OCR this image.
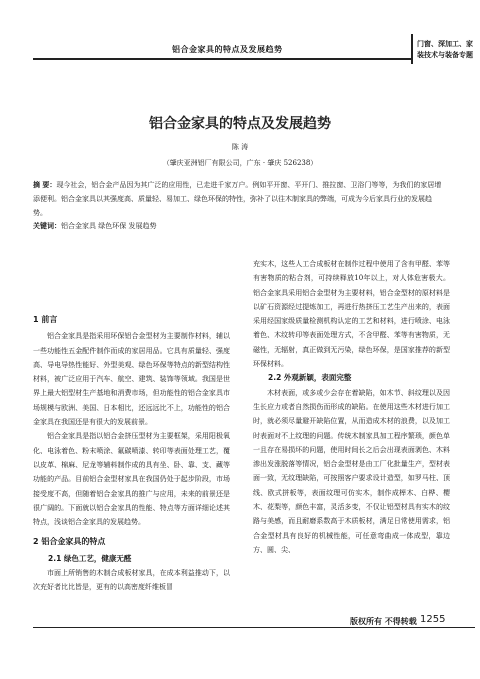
铝合金家具的特点及发展趋势
门窗、深加工、家
装技术与装备专题
铝合金家具的特点及发展趋势
陈 涛
（肇庆亚洲铝厂有限公司，广东 · 肇庆 526238）
摘 要：现今社会，铝合金产品因为其广泛的应用性，已走进千家万户。例如平开窗、平开门、推拉窗、卫浴门等等，为我们的家居增添便利。铝合金家具以其强度高、质量轻、易加工、绿色环保的特性，弥补了以往木制家具的弊端，可成为今后家具行业的发展趋势。
关键词：铝合金家具 绿色环保 发展趋势
1 前言

铝合金家具是指采用环保铝合金型材为主要制作材料，辅以一些功能性五金配件制作而成的家居用品。它具有质量轻、强度高、导电导热性能好、外型美观、绿色环保等特点的新型结构性材料，被广泛应用于汽车、航空、建筑、装饰等领域。我国是世界上最大铝型材生产基地和消费市场，但功能性的铝合金家具市场规模与欧洲、美国、日本相比，还远远比不上，功能性的铝合金家具在我国还是有很大的发展前景。

铝合金家具是指以铝合金挤压型材为主要框架，采用阳极氧化、电泳着色、粉末喷涂、氟碳喷漆、转印等表面处理工艺，覆以皮革、棉麻、尼龙等辅料制作成的具有坐、卧、靠、支、藏等功能的产品。目前铝合金型材家具在我国仍处于起步阶段，市场接受度不高，但随着铝合金家具的推广与应用，未来的前景还是很广阔的。下面就以铝合金家具的性能、特点等方面详细论述其特点，浅谈铝合金家具的发展趋势。

2 铝合金家具的特点
2.1 绿色工艺，健康无醛

市面上所销售的木制合成板材家具，在成本利益推动下，以次充好者比比皆是，更有的以高密度纤维板冒

充实木，这些人工合成板材在制作过程中使用了含有甲醛、苯等有害物质的粘合剂，可持续释放10年以上，对人体危害极大。铝合金家具采用铝合金型材为主要材料，铝合金型材的原材料是以矿石资源经过提炼加工，再进行热挤压工艺生产出来的，表面采用经国家级质量检测机构认定的工艺和材料，进行喷涂、电泳着色、木纹转印等表面处理方式，不含甲醛、苯等有害物质，无磁性，无辐射，真正做到无污染，绿色环保，是国家推荐的新型环保材料。

2.2 外观新颖，表面完整

木材表面，或多或少会存在着缺陷，如木节、斜纹理以及因生长应力或者自然损伤而形成的缺陷。在使用这些木材进行加工时，就必须尽量避开缺陷位置，从而造成木材的浪费，以及加工时表面对不上纹理的问题。传统木制家具加工程序繁琐，颜色单一且存在易损坏的问题，使用时间长之后会出现表面剥色、木料渗出发涨脱落等情况，铝合金型材是由工厂化批量生产，型材表面一致，无纹理缺陷，可按照客户要求设计造型，如罗马柱、顶线、欧式拼板等，表面纹理可仿实木，制作成榉木、白桦、樱木、花梨等，颜色丰富，灵活多变，不仅让铝型材具有实木的纹路与美感，而且耐磨系数高于木质板材，满足日常使用需求，铝合金型材具有良好的机械性能，可任意弯曲成一体成型，靠边方、圆、尖、

版权所有 不得转载 1255
